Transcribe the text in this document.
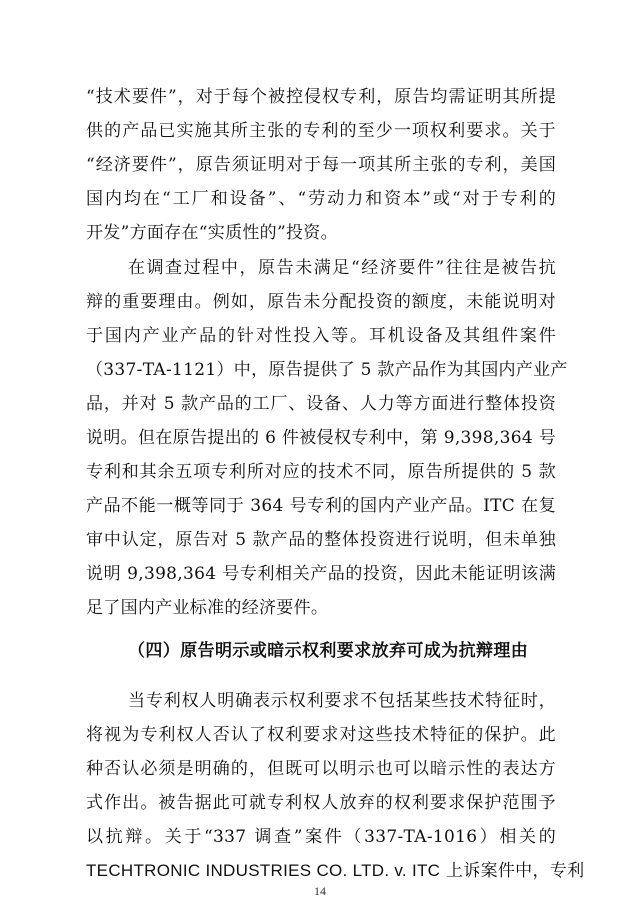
“技术要件”，对于每个被控侵权专利，原告均需证明其所提
供的产品已实施其所主张的专利的至少一项权利要求。关于
“经济要件”，原告须证明对于每一项其所主张的专利，美国
国内均在“工厂和设备”、“劳动力和资本”或“对于专利的
开发”方面存在“实质性的”投资。
在调查过程中，原告未满足“经济要件”往往是被告抗
辩的重要理由。例如，原告未分配投资的额度，未能说明对
于国内产业产品的针对性投入等。耳机设备及其组件案件
（337-TA-1121）中，原告提供了 5 款产品作为其国内产业产
品，并对 5 款产品的工厂、设备、人力等方面进行整体投资
说明。但在原告提出的 6 件被侵权专利中，第 9,398,364 号
专利和其余五项专利所对应的技术不同，原告所提供的 5 款
产品不能一概等同于 364 号专利的国内产业产品。ITC 在复
审中认定，原告对 5 款产品的整体投资进行说明，但未单独
说明 9,398,364 号专利相关产品的投资，因此未能证明该满
足了国内产业标准的经济要件。
（四）原告明示或暗示权利要求放弃可成为抗辩理由
当专利权人明确表示权利要求不包括某些技术特征时，
将视为专利权人否认了权利要求对这些技术特征的保护。此
种否认必须是明确的，但既可以明示也可以暗示性的表达方
式作出。被告据此可就专利权人放弃的权利要求保护范围予
以抗辩。关于“337 调查”案件（337-TA-1016）相关的
TECHTRONIC INDUSTRIES CO. LTD. v. ITC 上诉案件中，专利
14
